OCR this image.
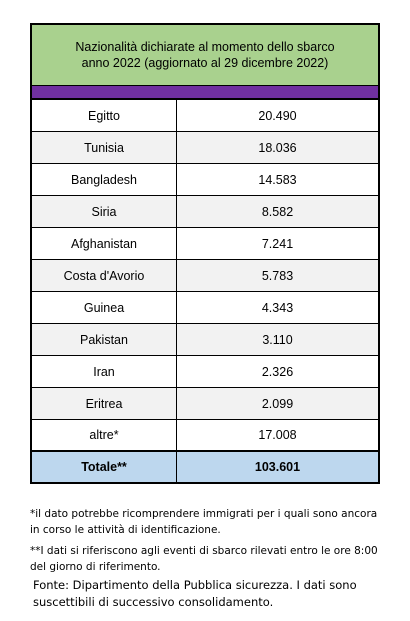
Nazionalità dichiarate al momento dello sbarco
anno 2022 (aggiornato al 29 dicembre 2022)
Egitto	20.490
Tunisia	18.036
Bangladesh	14.583
Siria	8.582
Afghanistan	7.241
Costa d'Avorio	5.783
Guinea	4.343
Pakistan	3.110
Iran	2.326
Eritrea	2.099
altre*	17.008
Totale**	103.601
*il dato potrebbe ricomprendere immigrati per i quali sono ancora in corso le attività di identificazione.
**I dati si riferiscono agli eventi di sbarco rilevati entro le ore 8:00 del giorno di riferimento.
Fonte: Dipartimento della Pubblica sicurezza. I dati sono suscettibili di successivo consolidamento.
